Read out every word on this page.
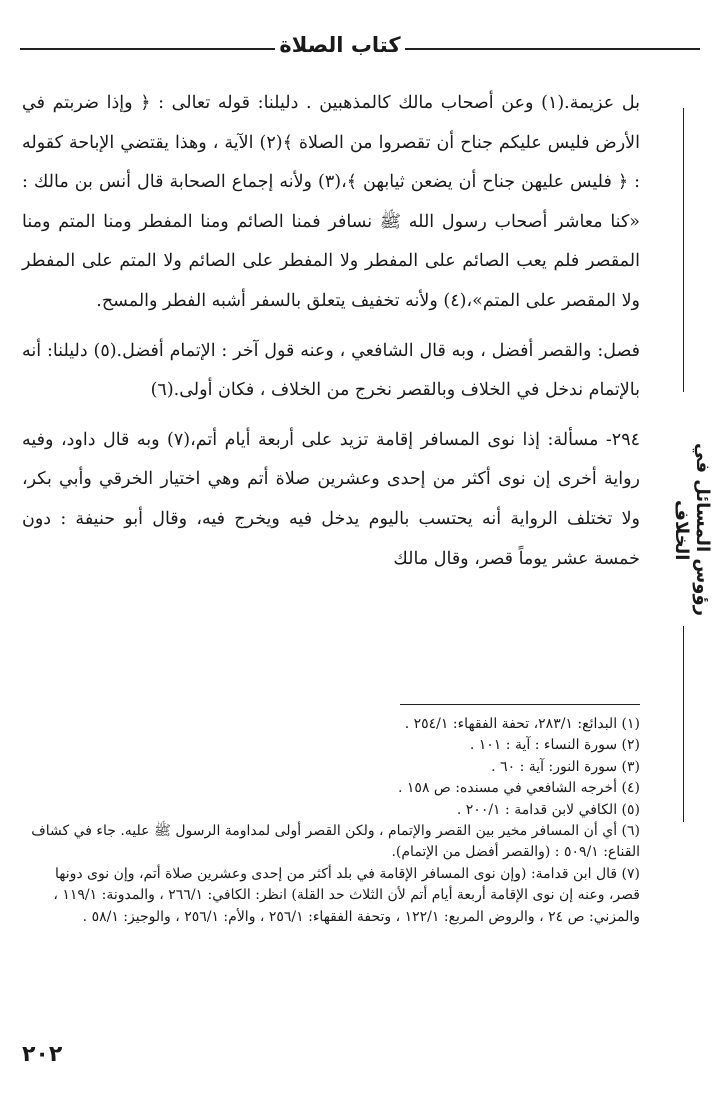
كتاب الصلاة
رؤوس المسائل في الخلاف

بل عزيمة.(١) وعن أصحاب مالك كالمذهبين . دليلنا: قوله تعالى : ﴿ وإذا ضربتم في الأرض فليس عليكم جناح أن تقصروا من الصلاة ﴾(٢) الآية ، وهذا يقتضي الإباحة كقوله : ﴿ فليس عليهن جناح أن يضعن ثيابهن ﴾،(٣) ولأنه إجماع الصحابة قال أنس بن مالك : «كنا معاشر أصحاب رسول الله ﷺ نسافر فمنا الصائم ومنا المفطر ومنا المتم ومنا المقصر فلم يعب الصائم على المفطر ولا المفطر على الصائم ولا المتم على المفطر ولا المقصر على المتم»،(٤) ولأنه تخفيف يتعلق بالسفر أشبه الفطر والمسح.

فصل: والقصر أفضل ، وبه قال الشافعي ، وعنه قول آخر : الإتمام أفضل.(٥) دليلنا: أنه بالإتمام ندخل في الخلاف وبالقصر نخرج من الخلاف ، فكان أولى.(٦)

٢٩٤- مسألة: إذا نوى المسافر إقامة تزيد على أربعة أيام أتم،(٧) وبه قال داود، وفيه رواية أخرى إن نوى أكثر من إحدى وعشرين صلاة أتم وهي اختيار الخرقي وأبي بكر، ولا تختلف الرواية أنه يحتسب باليوم يدخل فيه ويخرج فيه، وقال أبو حنيفة : دون خمسة عشر يوماً قصر، وقال مالك

(١) البدائع: ٢٨٣/١، تحفة الفقهاء: ٢٥٤/١ .

(٢) سورة النساء : آية : ١٠١ .

(٣) سورة النور: آية : ٦٠ .

(٤) أخرجه الشافعي في مسنده: ص ١٥٨ .

(٥) الكافي لابن قدامة : ٢٠٠/١ .

(٦) أي أن المسافر مخير بين القصر والإتمام ، ولكن القصر أولى لمداومة الرسول ﷺ عليه. جاء في كشاف القناع: ٥٠٩/١ : (والقصر أفضل من الإتمام).

(٧) قال ابن قدامة: (وإن نوى المسافر الإقامة في بلد أكثر من إحدى وعشرين صلاة أتم، وإن نوى دونها قصر، وعنه إن نوى الإقامة أربعة أيام أتم لأن الثلاث حد القلة) انظر: الكافي: ٢٦٦/١ ، والمدونة: ١١٩/١ ، والمزني: ص ٢٤ ، والروض المربع: ١٢٢/١ ، وتحفة الفقهاء: ٢٥٦/١ ، والأم: ٢٥٦/١ ، والوجيز: ٥٨/١ .

٢٠٢
